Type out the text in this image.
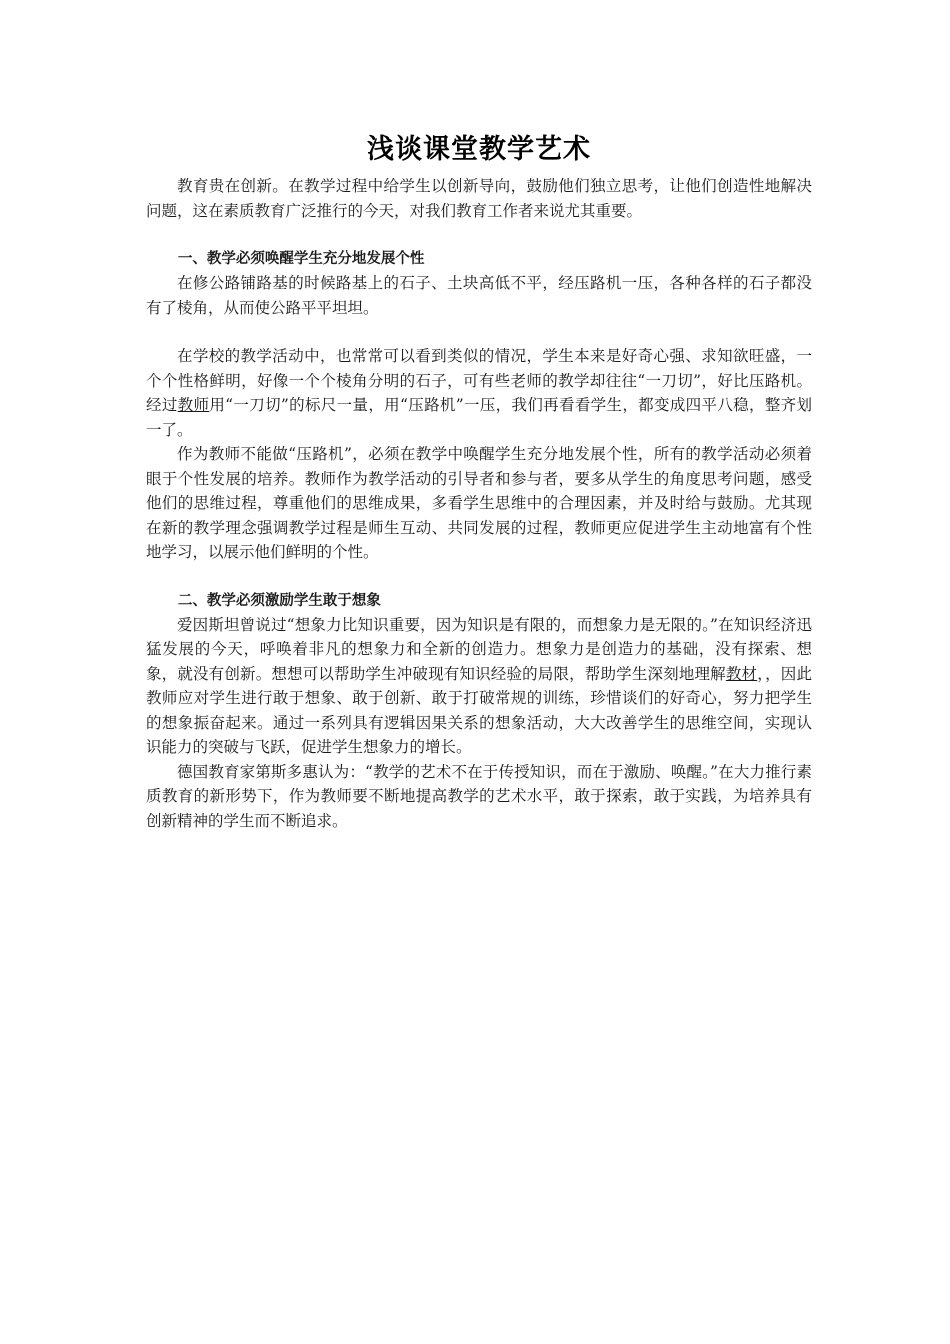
浅谈课堂教学艺术

教育贵在创新。在教学过程中给学生以创新导向，鼓励他们独立思考，让他们创造性地解决问题，这在素质教育广泛推行的今天，对我们教育工作者来说尤其重要。

一、教学必须唤醒学生充分地发展个性

在修公路铺路基的时候路基上的石子、土块高低不平，经压路机一压，各种各样的石子都没有了棱角，从而使公路平平坦坦。

在学校的教学活动中，也常常可以看到类似的情况，学生本来是好奇心强、求知欲旺盛，一个个性格鲜明，好像一个个棱角分明的石子，可有些老师的教学却往往“一刀切”，好比压路机。经过教师用“一刀切”的标尺一量，用“压路机”一压，我们再看看学生，都变成四平八稳，整齐划一了。

作为教师不能做“压路机”，必须在教学中唤醒学生充分地发展个性，所有的教学活动必须着眼于个性发展的培养。教师作为教学活动的引导者和参与者，要多从学生的角度思考问题，感受他们的思维过程，尊重他们的思维成果，多看学生思维中的合理因素，并及时给与鼓励。尤其现在新的教学理念强调教学过程是师生互动、共同发展的过程，教师更应促进学生主动地富有个性地学习，以展示他们鲜明的个性。

二、教学必须激励学生敢于想象

爱因斯坦曾说过“想象力比知识重要，因为知识是有限的，而想象力是无限的。”在知识经济迅猛发展的今天，呼唤着非凡的想象力和全新的创造力。想象力是创造力的基础，没有探索、想象，就没有创新。想想可以帮助学生冲破现有知识经验的局限，帮助学生深刻地理解教材，，因此教师应对学生进行敢于想象、敢于创新、敢于打破常规的训练，珍惜谈们的好奇心，努力把学生的想象振奋起来。通过一系列具有逻辑因果关系的想象活动，大大改善学生的思维空间，实现认识能力的突破与飞跃，促进学生想象力的增长。

德国教育家第斯多惠认为：“教学的艺术不在于传授知识，而在于激励、唤醒。”在大力推行素质教育的新形势下，作为教师要不断地提高教学的艺术水平，敢于探索，敢于实践，为培养具有创新精神的学生而不断追求。
